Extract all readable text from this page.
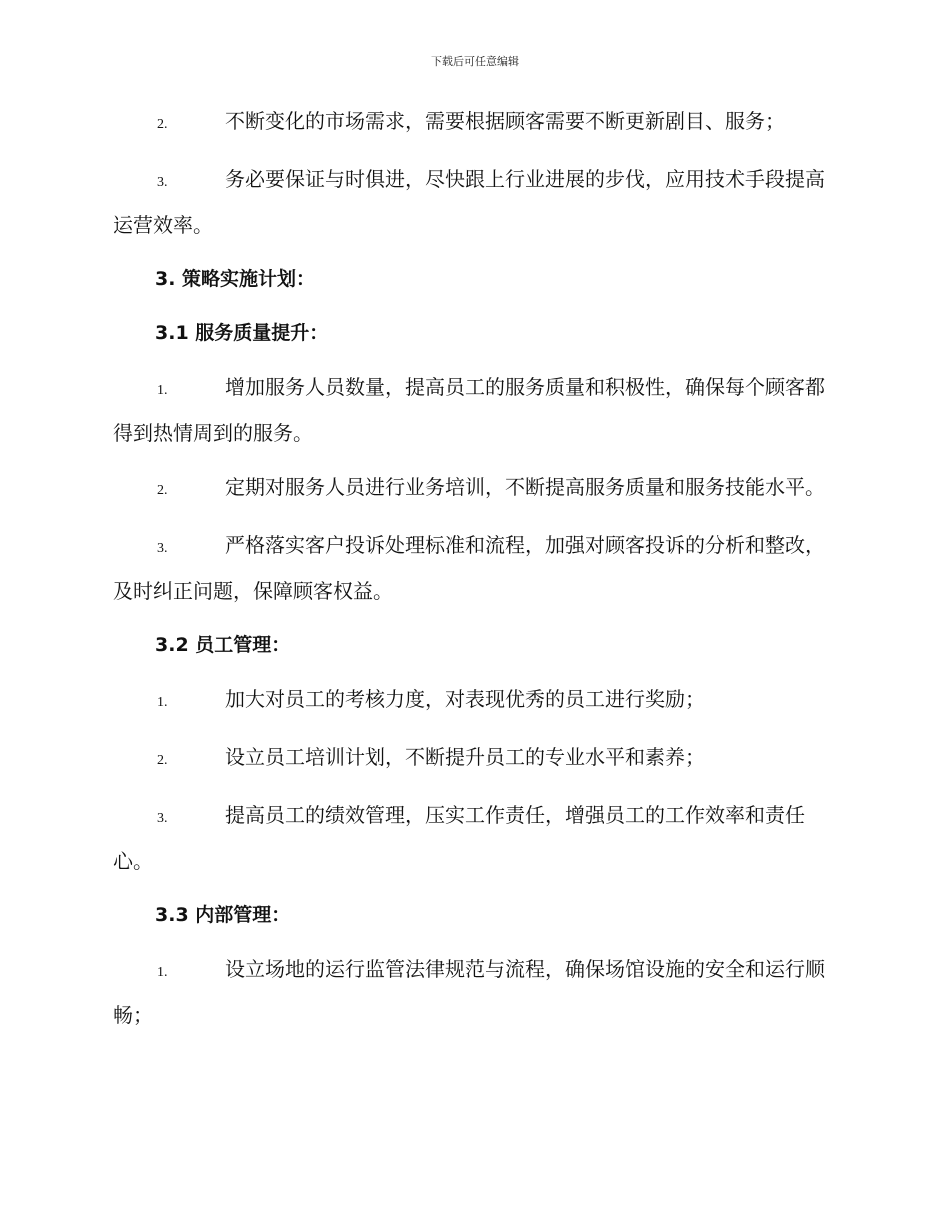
下载后可任意编辑
2.	不断变化的市场需求，需要根据顾客需要不断更新剧目、服务；
3.	务必要保证与时俱进，尽快跟上行业进展的步伐，应用技术手段提高运营效率。
3. 策略实施计划：
3.1 服务质量提升：
1.	增加服务人员数量，提高员工的服务质量和积极性，确保每个顾客都得到热情周到的服务。
2.	定期对服务人员进行业务培训，不断提高服务质量和服务技能水平。
3.	严格落实客户投诉处理标准和流程，加强对顾客投诉的分析和整改，及时纠正问题，保障顾客权益。
3.2 员工管理：
1.	加大对员工的考核力度，对表现优秀的员工进行奖励；
2.	设立员工培训计划，不断提升员工的专业水平和素养；
3.	提高员工的绩效管理，压实工作责任，增强员工的工作效率和责任心。
3.3 内部管理：
1.	设立场地的运行监管法律规范与流程，确保场馆设施的安全和运行顺畅；
